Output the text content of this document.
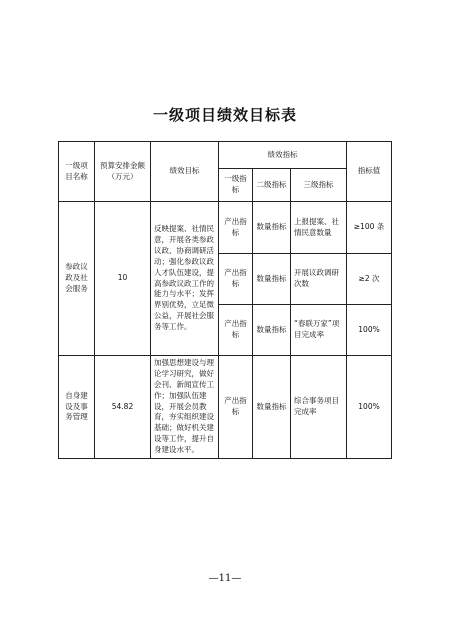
一级项目绩效目标表
一级项目名称	预算安排金额（万元）	绩效目标	绩效指标			指标值
			一级指标	二级指标	三级指标	
参政议政及社会服务	10	反映提案、社情民意，开展各类参政议政、协商调研活动；强化参政议政人才队伍建设，提高参政议政工作的能力与水平；发挥界别优势，立足微公益，开展社会服务等工作。	产出指标	数量指标	上报提案、社情民意数量	≥100 条
			产出指标	数量指标	开展议政调研次数	≥2 次
			产出指标	数量指标	“春联万家”项目完成率	100%
自身建设及事务管理	54.82	加强思想建设与理论学习研究，做好会刊、新闻宣传工作；加强队伍建设，开展会员教育，夯实组织建设基础；做好机关建设等工作，提升自身建设水平。	产出指标	数量指标	综合事务项目完成率	100%
—11—
